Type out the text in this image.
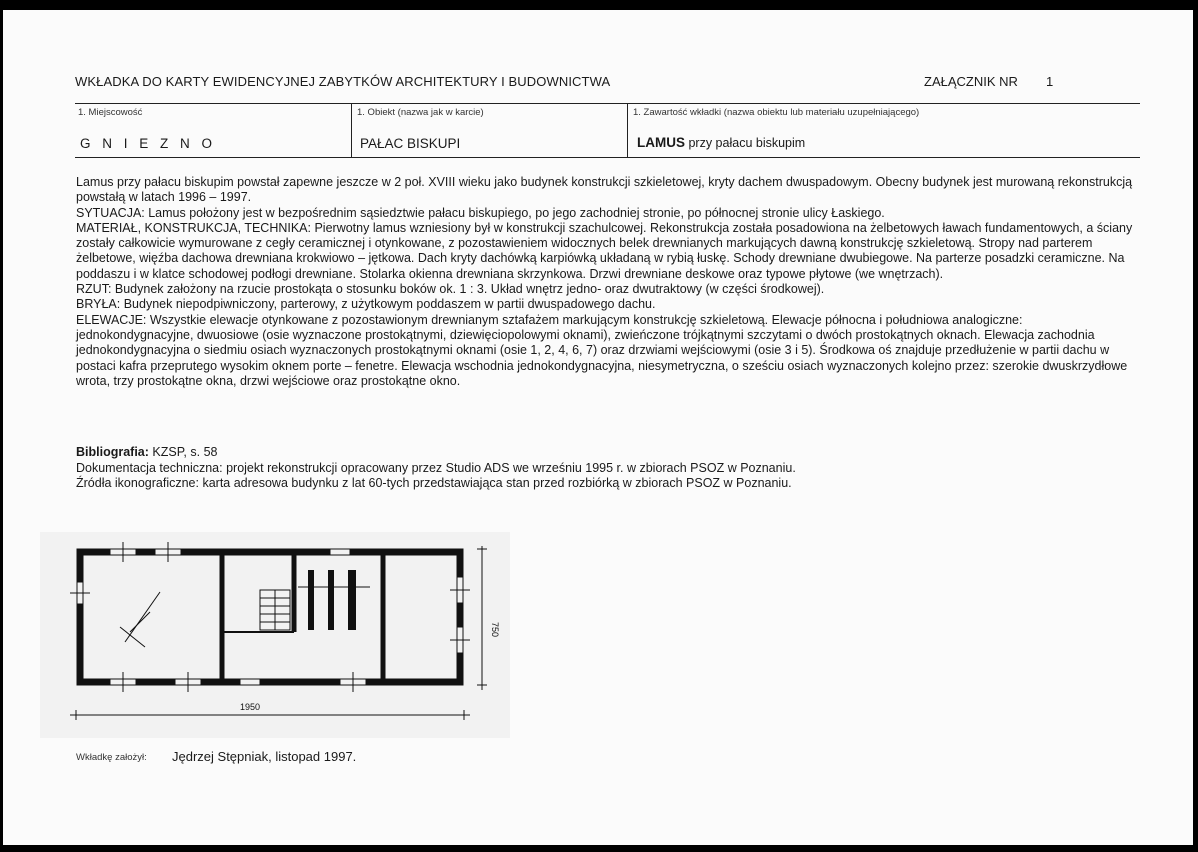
WKŁADKA DO KARTY EWIDENCYJNEJ ZABYTKÓW ARCHITEKTURY I BUDOWNICTWA	ZAŁĄCZNIK NR 1
1. Miejscowość
G N I E Z N O
1. Obiekt (nazwa jak w karcie)
PAŁAC BISKUPI
1. Zawartość wkładki (nazwa obiektu lub materiału uzupełniającego)
LAMUS przy pałacu biskupim

Lamus przy pałacu biskupim powstał zapewne jeszcze w 2 poł. XVIII wieku jako budynek konstrukcji szkieletowej, kryty dachem dwuspadowym. Obecny budynek jest murowaną rekonstrukcją powstałą w latach 1996 – 1997.

SYTUACJA: Lamus położony jest w bezpośrednim sąsiedztwie pałacu biskupiego, po jego zachodniej stronie, po północnej stronie ulicy Łaskiego.

MATERIAŁ, KONSTRUKCJA, TECHNIKA: Pierwotny lamus wzniesiony był w konstrukcji szachulcowej. Rekonstrukcja została posadowiona na żelbetowych ławach fundamentowych, a ściany zostały całkowicie wymurowane z cegły ceramicznej i otynkowane, z pozostawieniem widocznych belek drewnianych markujących dawną konstrukcję szkieletową. Stropy nad parterem żelbetowe, więźba dachowa drewniana krokwiowo – jętkowa. Dach kryty dachówką karpiówką układaną w rybią łuskę. Schody drewniane dwubiegowe. Na parterze posadzki ceramiczne. Na poddaszu i w klatce schodowej podłogi drewniane. Stolarka okienna drewniana skrzynkowa. Drzwi drewniane deskowe oraz typowe płytowe (we wnętrzach).

RZUT: Budynek założony na rzucie prostokąta o stosunku boków ok. 1 : 3. Układ wnętrz jedno- oraz dwutraktowy (w części środkowej).

BRYŁA: Budynek niepodpiwniczony, parterowy, z użytkowym poddaszem w partii dwuspadowego dachu.

ELEWACJE: Wszystkie elewacje otynkowane z pozostawionym drewnianym sztafażem markującym konstrukcję szkieletową. Elewacje północna i południowa analogiczne: jednokondygnacyjne, dwuosiowe (osie wyznaczone prostokątnymi, dziewięciopolowymi oknami), zwieńczone trójkątnymi szczytami o dwóch prostokątnych oknach. Elewacja zachodnia jednokondygnacyjna o siedmiu osiach wyznaczonych prostokątnymi oknami (osie 1, 2, 4, 6, 7) oraz drzwiami wejściowymi (osie 3 i 5). Środkowa oś znajduje przedłużenie w partii dachu w postaci kafra przeprutego wysokim oknem porte – fenetre. Elewacja wschodnia jednokondygnacyjna, niesymetryczna, o sześciu osiach wyznaczonych kolejno przez: szerokie dwuskrzydłowe wrota, trzy prostokątne okna, drzwi wejściowe oraz prostokątne okno.

Bibliografia: KZSP, s. 58

Dokumentacja techniczna: projekt rekonstrukcji opracowany przez Studio ADS we wrześniu 1995 r. w zbiorach PSOZ w Poznaniu.

Źródła ikonograficzne: karta adresowa budynku z lat 60-tych przedstawiająca stan przed rozbiórką w zbiorach PSOZ w Poznaniu.

1950
750
Wkładkę założył: Jędrzej Stępniak, listopad 1997.
